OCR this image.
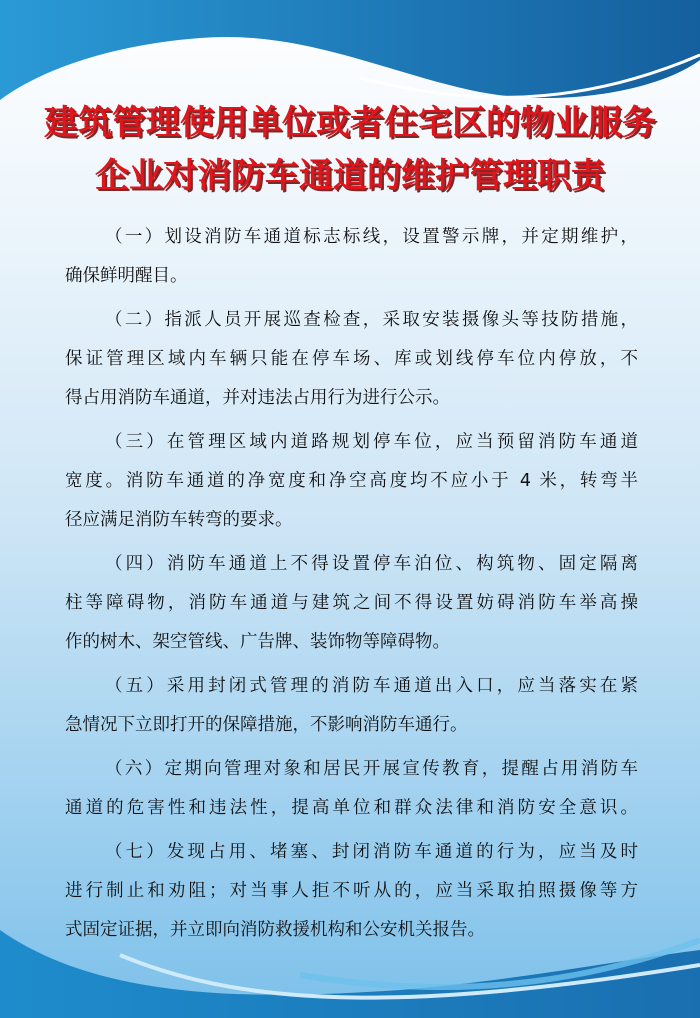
建筑管理使用单位或者住宅区的物业服务
企业对消防车通道的维护管理职责
（一）划设消防车通道标志标线，设置警示牌，并定期维护，
确保鲜明醒目。
（二）指派人员开展巡查检查，采取安装摄像头等技防措施，
保证管理区域内车辆只能在停车场、库或划线停车位内停放，不
得占用消防车通道，并对违法占用行为进行公示。
（三）在管理区域内道路规划停车位，应当预留消防车通道
宽度。消防车通道的净宽度和净空高度均不应小于 4 米，转弯半
径应满足消防车转弯的要求。
（四）消防车通道上不得设置停车泊位、构筑物、固定隔离
柱等障碍物，消防车通道与建筑之间不得设置妨碍消防车举高操
作的树木、架空管线、广告牌、装饰物等障碍物。
（五）采用封闭式管理的消防车通道出入口，应当落实在紧
急情况下立即打开的保障措施，不影响消防车通行。
（六）定期向管理对象和居民开展宣传教育，提醒占用消防车
通道的危害性和违法性，提高单位和群众法律和消防安全意识。
（七）发现占用、堵塞、封闭消防车通道的行为，应当及时
进行制止和劝阻；对当事人拒不听从的，应当采取拍照摄像等方
式固定证据，并立即向消防救援机构和公安机关报告。
